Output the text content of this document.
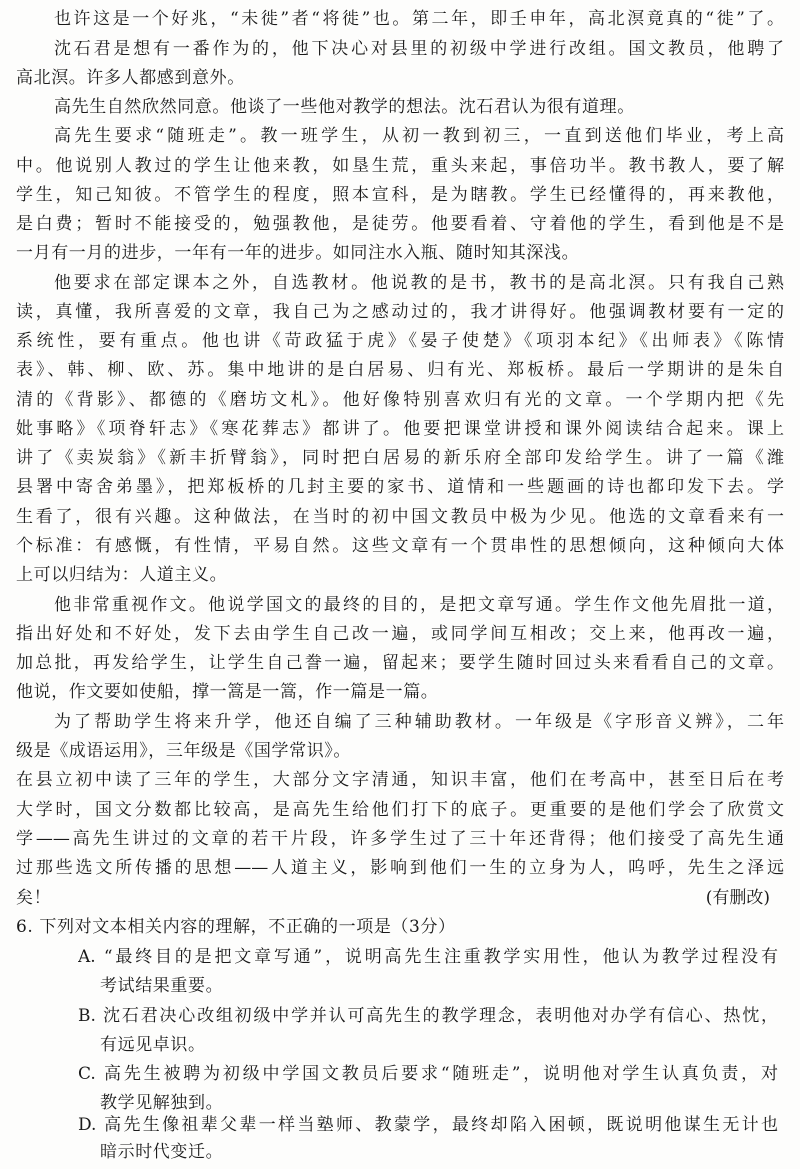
也许这是一个好兆，“未徙”者“将徙”也。第二年，即壬申年，高北溟竟真的“徙”了。
沈石君是想有一番作为的，他下决心对县里的初级中学进行改组。国文教员，他聘了
高北溟。许多人都感到意外。
高先生自然欣然同意。他谈了一些他对教学的想法。沈石君认为很有道理。
高先生要求“随班走”。教一班学生，从初一教到初三，一直到送他们毕业，考上高
中。他说别人教过的学生让他来教，如垦生荒，重头来起，事倍功半。教书教人，要了解
学生，知己知彼。不管学生的程度，照本宣科，是为瞎教。学生已经懂得的，再来教他，
是白费；暂时不能接受的，勉强教他，是徒劳。他要看着、守着他的学生，看到他是不是
一月有一月的进步，一年有一年的进步。如同注水入瓶、随时知其深浅。
他要求在部定课本之外，自选教材。他说教的是书，教书的是高北溟。只有我自己熟
读，真懂，我所喜爱的文章，我自己为之感动过的，我才讲得好。他强调教材要有一定的
系统性，要有重点。他也讲《苛政猛于虎》《晏子使楚》《项羽本纪》《出师表》《陈情
表》、韩、柳、欧、苏。集中地讲的是白居易、归有光、郑板桥。最后一学期讲的是朱自
清的《背影》、都德的《磨坊文札》。他好像特别喜欢归有光的文章。一个学期内把《先
妣事略》《项脊轩志》《寒花葬志》都讲了。他要把课堂讲授和课外阅读结合起来。课上
讲了《卖炭翁》《新丰折臂翁》，同时把白居易的新乐府全部印发给学生。讲了一篇《潍
县署中寄舍弟墨》，把郑板桥的几封主要的家书、道情和一些题画的诗也都印发下去。学
生看了，很有兴趣。这种做法，在当时的初中国文教员中极为少见。他选的文章看来有一
个标准：有感慨，有性情，平易自然。这些文章有一个贯串性的思想倾向，这种倾向大体
上可以归结为：人道主义。
他非常重视作文。他说学国文的最终的目的，是把文章写通。学生作文他先眉批一道，
指出好处和不好处，发下去由学生自己改一遍，或同学间互相改；交上来，他再改一遍，
加总批，再发给学生，让学生自己誊一遍，留起来；要学生随时回过头来看看自己的文章。
他说，作文要如使船，撑一篙是一篙，作一篇是一篇。
为了帮助学生将来升学，他还自编了三种辅助教材。一年级是《字形音义辨》，二年
级是《成语运用》，三年级是《国学常识》。
在县立初中读了三年的学生，大部分文字清通，知识丰富，他们在考高中，甚至日后在考
大学时，国文分数都比较高，是高先生给他们打下的底子。更重要的是他们学会了欣赏文
学——高先生讲过的文章的若干片段，许多学生过了三十年还背得；他们接受了高先生通
过那些选文所传播的思想——人道主义，影响到他们一生的立身为人，呜呼，先生之泽远
矣！	(有删改)
6. 下列对文本相关内容的理解，不正确的一项是（3分）
A. “最终目的是把文章写通”，说明高先生注重教学实用性，他认为教学过程没有
考试结果重要。
B. 沈石君决心改组初级中学并认可高先生的教学理念，表明他对办学有信心、热忱，
有远见卓识。
C. 高先生被聘为初级中学国文教员后要求“随班走”，说明他对学生认真负责，对
教学见解独到。
D. 高先生像祖辈父辈一样当塾师、教蒙学，最终却陷入困顿，既说明他谋生无计也
暗示时代变迁。
